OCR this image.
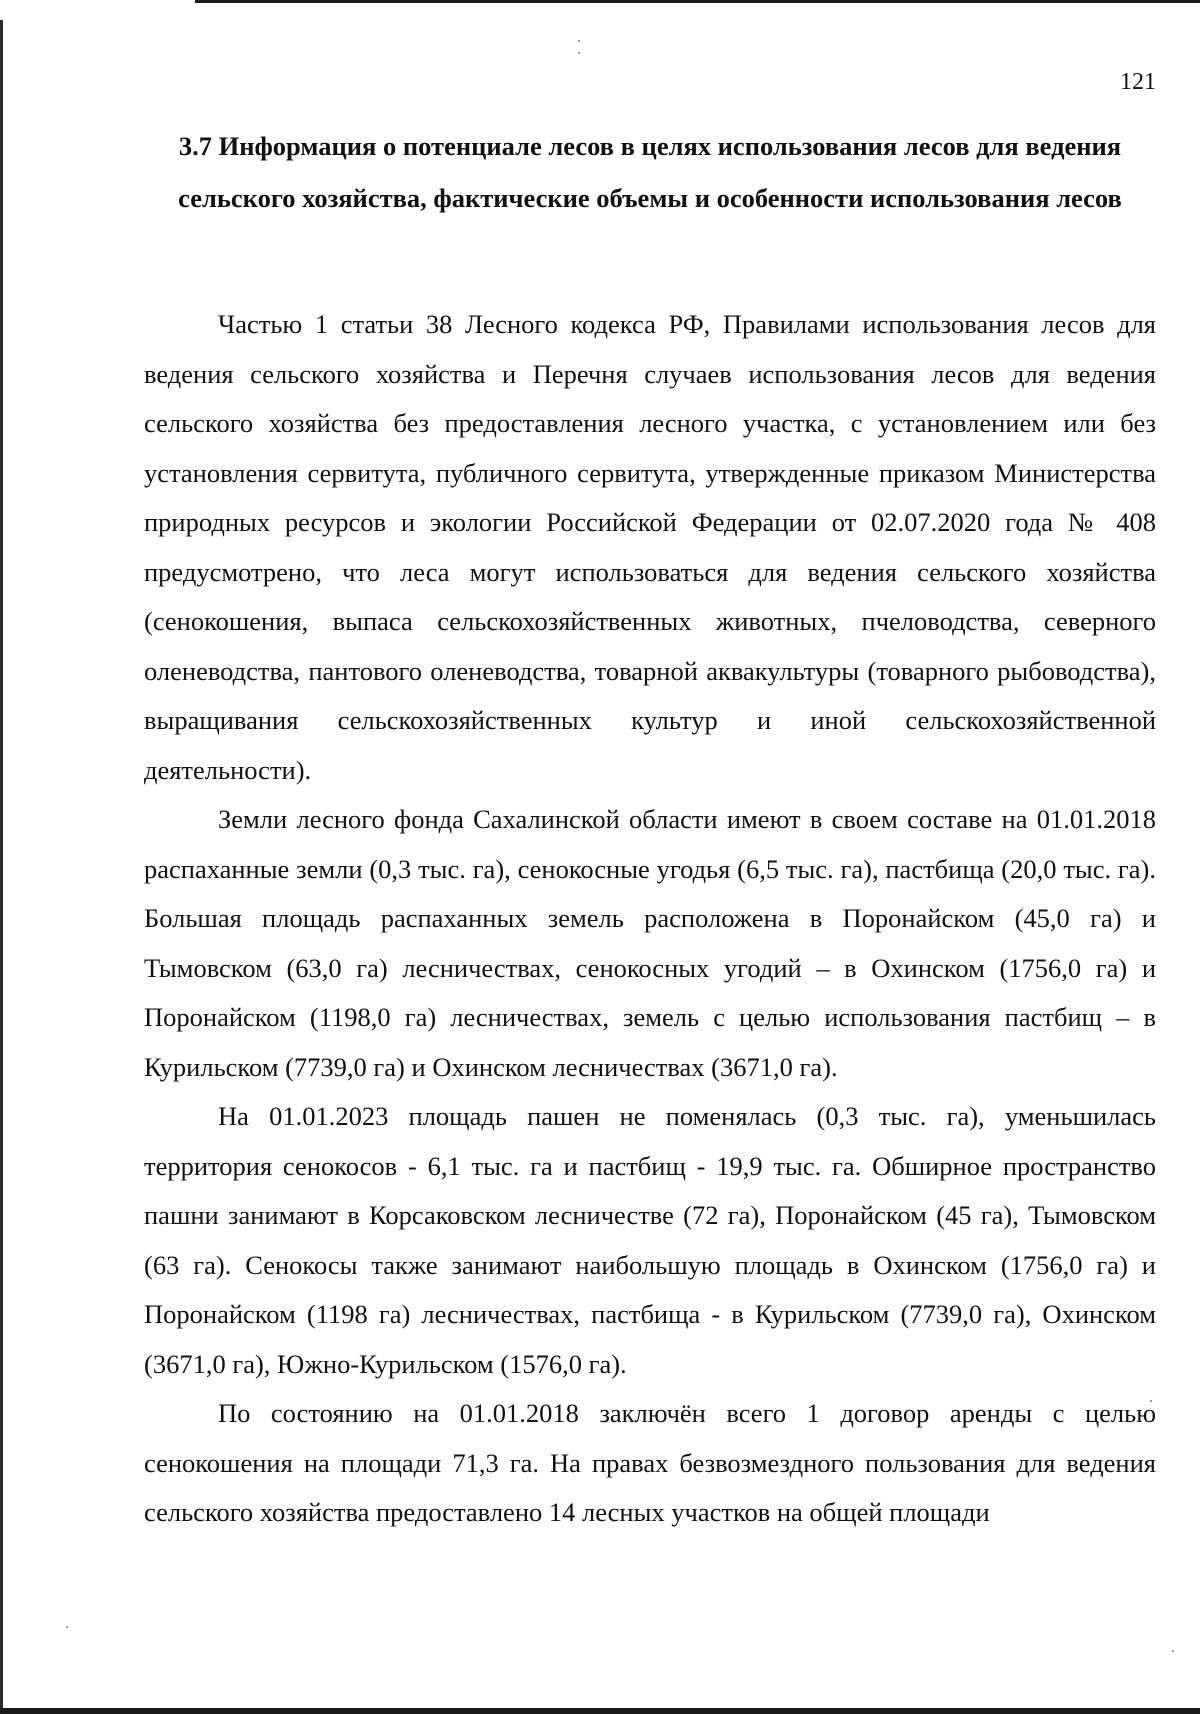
121
3.7 Информация о потенциале лесов в целях использования лесов для ведения сельского хозяйства, фактические объемы и особенности использования лесов

Частью 1 статьи 38 Лесного кодекса РФ, Правилами использования лесов для ведения сельского хозяйства и Перечня случаев использования лесов для ведения сельского хозяйства без предоставления лесного участка, с установлением или без установления сервитута, публичного сервитута, утвержденные приказом Министерства природных ресурсов и экологии Российской Федерации от 02.07.2020 года № 408 предусмотрено, что леса могут использоваться для ведения сельского хозяйства (сенокошения, выпаса сельскохозяйственных животных, пчеловодства, северного оленеводства, пантового оленеводства, товарной аквакультуры (товарного рыбоводства), выращивания сельскохозяйственных культур и иной сельскохозяйственной деятельности).

Земли лесного фонда Сахалинской области имеют в своем составе на 01.01.2018 распаханные земли (0,3 тыс. га), сенокосные угодья (6,5 тыс. га), пастбища (20,0 тыс. га). Большая площадь распаханных земель расположена в Поронайском (45,0 га) и Тымовском (63,0 га) лесничествах, сенокосных угодий – в Охинском (1756,0 га) и Поронайском (1198,0 га) лесничествах, земель с целью использования пастбищ – в Курильском (7739,0 га) и Охинском лесничествах (3671,0 га).

На 01.01.2023 площадь пашен не поменялась (0,3 тыс. га), уменьшилась территория сенокосов - 6,1 тыс. га и пастбищ - 19,9 тыс. га. Обширное пространство пашни занимают в Корсаковском лесничестве (72 га), Поронайском (45 га), Тымовском (63 га). Сенокосы также занимают наибольшую площадь в Охинском (1756,0 га) и Поронайском (1198 га) лесничествах, пастбища - в Курильском (7739,0 га), Охинском (3671,0 га), Южно-Курильском (1576,0 га).

По состоянию на 01.01.2018 заключён всего 1 договор аренды с целью сенокошения на площади 71,3 га. На правах безвозмездного пользования для ведения сельского хозяйства предоставлено 14 лесных участков на общей площади
